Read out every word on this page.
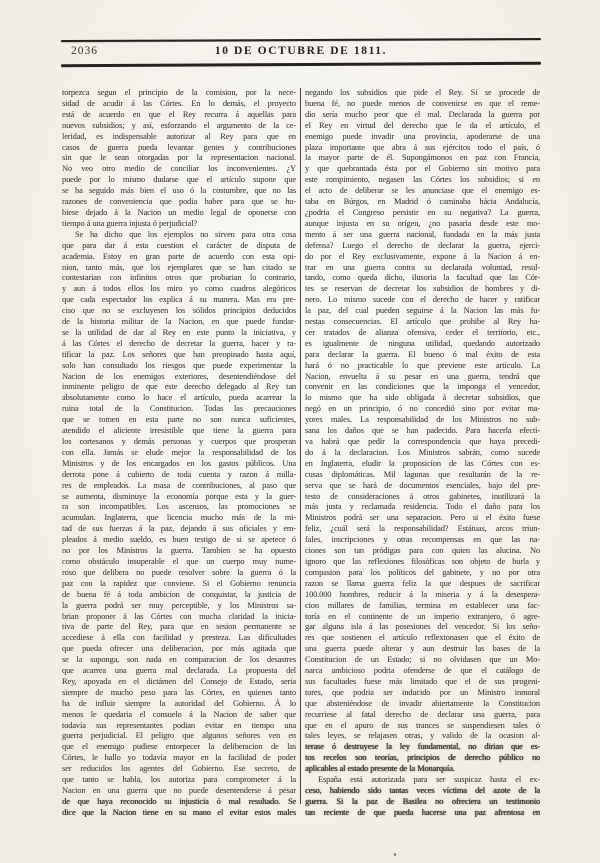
2036	10 DE OCTUBRE DE 1811.
torpezca segun el principio de la comision, por la nece-
sidad de acudir á las Córtes. En lo demás, el proyecto
está de acuerdo en que el Rey recurra á aquellas para
nuevos subsidios; y así, esforzando el argumento de la ce-
leridad, es indispensable autorizar al Rey para que en
casos de guerra pueda levantar gentes y contribuciones
sin que le sean otorgadas por la representacion nacional.
No veo otro medio de conciliar los inconvenientes. ¿Y
puede por lo mismo dudarse que el artículo supone que
se ha seguido más bien el uso ó la costumbre, que no las
razones de conveniencia que podia haber para que se hu-
biese dejado á la Nacion un medio legal de oponerse con
tiempo á una guerra injusta ó perjudicial?
Se ha dicho que los ejemplos no sirven para otra cosa
que para dar á esta cuestion el carácter de disputa de
academia. Estoy en gran parte de acuerdo con esta opi-
nion, tanto más, que los ejemplares que se han citado se
contestarian con infinitos otros que probarian lo contrario,
y aun á todos ellos los miro yo como cuadros alegóricos
que cada espectador los explica á su manera. Mas era pre-
ciso que no se excluyesen los sólidos principios deducidos
de la historia militar de la Nacion, en que puede fundar-
se la utilidad de dar al Rey en este punto la iniciativa, y
á las Córtes el derecho de decretar la guerra, hacer y ra-
tificar la paz. Los señores que han preopinado hasta aquí,
solo han consultado los riesgos que puede experimentar la
Nacion de los enemigos exteriores, desentendiéndose del
inminente peligro de que este derecho delegado al Rey tan
absolutamente como lo hace el artículo, pueda acarrear la
ruina total de la Constitucion. Todas las precauciones
que se tomen en esta parte no son nunca suficientes,
atendido el aliciente irresistible que tiene la guerra para
los cortesanos y demás personas y cuerpos que prosperan
con ella. Jamás se elude mejor la responsabilidad de los
Ministros y de los encargados en los gastos públicos. Una
derrota pone á cubierto de toda cuenta y razon á milla-
res de empleados. La masa de contribuciones, al paso que
se aumenta, disminuye la economía porque esta y la guer-
ra son incompatibles. Los ascensos, las promociones se
acumulan. Inglaterra, que licencia mucho más de la mi-
tad de sus fuerzas á la paz, dejando á sus oficiales y em-
pleados á medio sueldo, es buen testigo de si se apetece ó
no por los Ministros la guerra. Tambien se ha opuesto
como obstáculo insuperable el que un cuerpo muy nume-
roso que delibera no puede resolver sobre la guerra ó la
paz con la rapidez que conviene. Si el Gobierno renuncia
de buena fé á toda ambicion de conquistar, la justicia de
la guerra podrá ser muy perceptible, y los Ministros sa-
brian proponer á las Córtes con mucha claridad la inicia-
tiva de parte del Rey, para que en sesion permanente se
accediese á ella con facilidad y presteza. Las dificultades
que pueda ofrecer una deliberacion, por más agitada que
se la suponga, son nada en comparacion de los desastres
que acarrea una guerra mal declarada. La propuesta del
Rey, apoyada en el dictámen del Consejo de Estado, seria
siempre de mucho peso para las Córtes, en quienes tanto
ha de influir siempre la autoridad del Gobierno. Á lo
menos le quedaria el consuelo á la Nacion de saber que
todavía sus representantes podian evitar en tiempo una
guerra perjudicial. El peligro que algunos señores ven en
que el enemigo pudiese entorpecer la deliberacion de las
Córtes, le hallo yo todavía mayor en la facilidad de poder
ser reducidos los agentes del Gobierno. Ese secreto, de
que tanto se habla, los autoriza para comprometer á la
Nacion en una guerra que no puede desentenderse á pesar
de que haya reconocido su injusticia ó mal resultado. Se
dice que la Nacion tiene en su mano el evitar estos males
negando los subsidios que pide el Rey. Si se procede de
buena fé, no puede menos de convenirse en que el reme-
dio sería mucho peor que el mal. Declarada la guerra por
el Rey en virtud del derecho que le da el artículo, el
enemigo puede invadir una provincia, apoderarse de una
plaza importante que abra á sus ejércitos todo el país, ó
la mayor parte de él. Supongámonos en paz con Francia,
y que quebrantada ésta por el Gobierno sin motivo para
este rompimiento, negasen las Córtes los subsidios; si en
el acto de deliberar se les anunciase que el enemigo es-
taba en Búrgos, en Madrid ó caminaba hácia Andalucía,
¿podria el Congreso persistir en su negativa? La guerra,
aunque injusta en su orígen, ¿no pasaria desde este mo-
mento á ser una guerra nacional, fundada en la más justa
defensa? Luego el derecho de declarar la guerra, ejerci-
do por el Rey exclusivamente, expone á la Nacion á en-
trar en una guerra contra su declarada voluntad, resul-
tando, como queda dicho, ilusoria la facultad que las Cór-
tes se reservan de decretar los subsidios de hombres y di-
nero. Lo mismo sucede con el derecho de hacer y ratificar
la paz, del cual pueden seguirse á la Nacion las más fu-
nestas consecuencias. El artículo que prohibe al Rey ha-
cer tratados de alianza ofensiva, ceder el territorio, etc.,
es igualmente de ninguna utilidad, quedando autorizado
para declarar la guerra. El bueno ó mal éxito de esta
hará ó no practicable lo que previene este artículo. La
Nacion, envuelta á su pesar en una guerra, tendrá que
convenir en las condiciones que la imponga el vencedor,
lo mismo que ha sido obligada á decretar subsidios, que
negó en un principio, ó no concedió sino por evitar ma-
yores males. La responsabilidad de los Ministros no sub-
sana los daños que se han padecido. Para hacerla efecti-
va habrá que pedir la correspondencia que haya precedi-
do á la declaracion. Los Ministros sabrán, como sucede
en Inglaterra, eludir la proposicion de las Córtes con es-
cusas diplomáticas. Mil lagunas que resultarán de la re-
serva que se hará de documentos esenciales, bajo del pre-
testo de consideraciones á otros gabinetes, inutilizará la
más justa y reclamada residencia. Todo el daño para los
Ministros podrá ser una separacion. Pero si el éxito fuese
feliz, ¿cuál será la responsabilidad? Estátuas, arcos triun-
fales, inscripciones y otras recompensas en que las na-
ciones son tan pródigas para con quien las alucina. No
ignoro que las reflexiones filosóficas son objeto de burla y
compasion para los políticos del gabinete, y no por otra
razon se llama guerra feliz la que despues de sacrificar
100.000 hombres, reducir á la miseria y á la desespera-
cion millares de familias, termina en establecer una fac-
toría en el continente de un imperio extranjero, ó agre-
gar alguna isla á las posesiones del vencedor. Si los seño-
res que sostienen el artículo reflexionasen que el éxito de
una guerra puede alterar y aun destruir las bases de la
Constitucion de un Estado; si no olvidasen que un Mo-
narca ambicioso podria ofenderse de que el catálogo de
sus facultades fuese más limitado que el de sus progeni-
tores, que podria ser inducido por un Ministro inmoral
que absteniéndose de invadir abiertamente la Constitucion
recurriese al fatal derecho de declarar una guerra, para
que en el apuro de sus trances se suspendiesen tales ó
tales leyes, se relajasen otras, y valido de la ocasion al-
terase ó destruyese la ley fundamental, no dirian que es-
tos recelos son teorías, principios de derecho público no
aplicables al estado presente de la Monarquía.
España está autorizada para ser suspicaz hasta el ex-
ceso, habiendo sido tantas veces víctima del azote de la
guerra. Si la paz de Basilea no ofreciera un testimonio
tan reciente de que pueda hacerse una paz afrentosa en
